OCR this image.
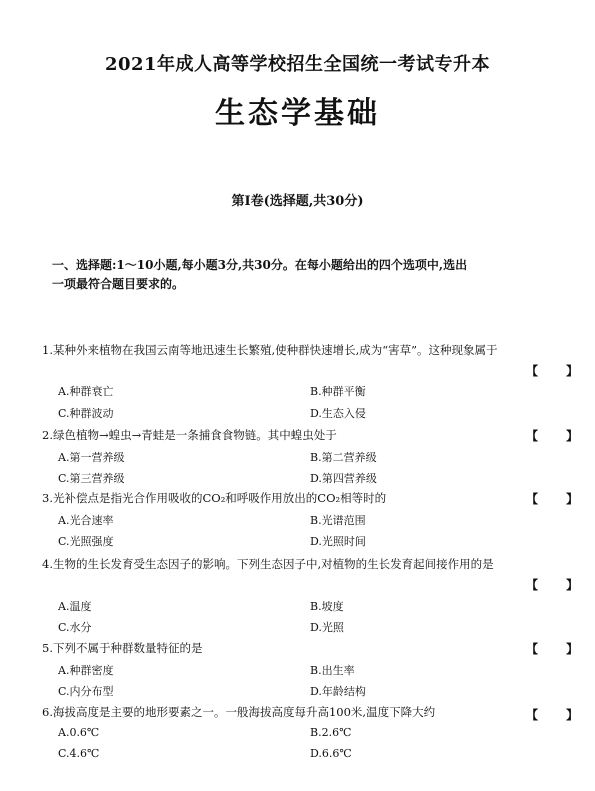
2021年成人高等学校招生全国统一考试专升本
生态学基础
第Ⅰ卷(选择题,共30分)
一、选择题:1～10小题,每小题3分,共30分。在每小题给出的四个选项中,选出一项最符合题目要求的。
1.某种外来植物在我国云南等地迅速生长繁殖,使种群快速增长,成为“害草”。这种现象属于
【 】
A.种群衰亡	B.种群平衡
C.种群波动	D.生态入侵
2.绿色植物→蝗虫→青蛙是一条捕食食物链。其中蝗虫处于	【 】
A.第一营养级	B.第二营养级
C.第三营养级	D.第四营养级
3.光补偿点是指光合作用吸收的CO₂和呼吸作用放出的CO₂相等时的	【 】
A.光合速率	B.光谱范围
C.光照强度	D.光照时间
4.生物的生长发育受生态因子的影响。下列生态因子中,对植物的生长发育起间接作用的是
【 】
A.温度	B.坡度
C.水分	D.光照
5.下列不属于种群数量特征的是	【 】
A.种群密度	B.出生率
C.内分布型	D.年龄结构
6.海拔高度是主要的地形要素之一。一般海拔高度每升高100米,温度下降大约	【 】
A.0.6℃	B.2.6℃
C.4.6℃	D.6.6℃
